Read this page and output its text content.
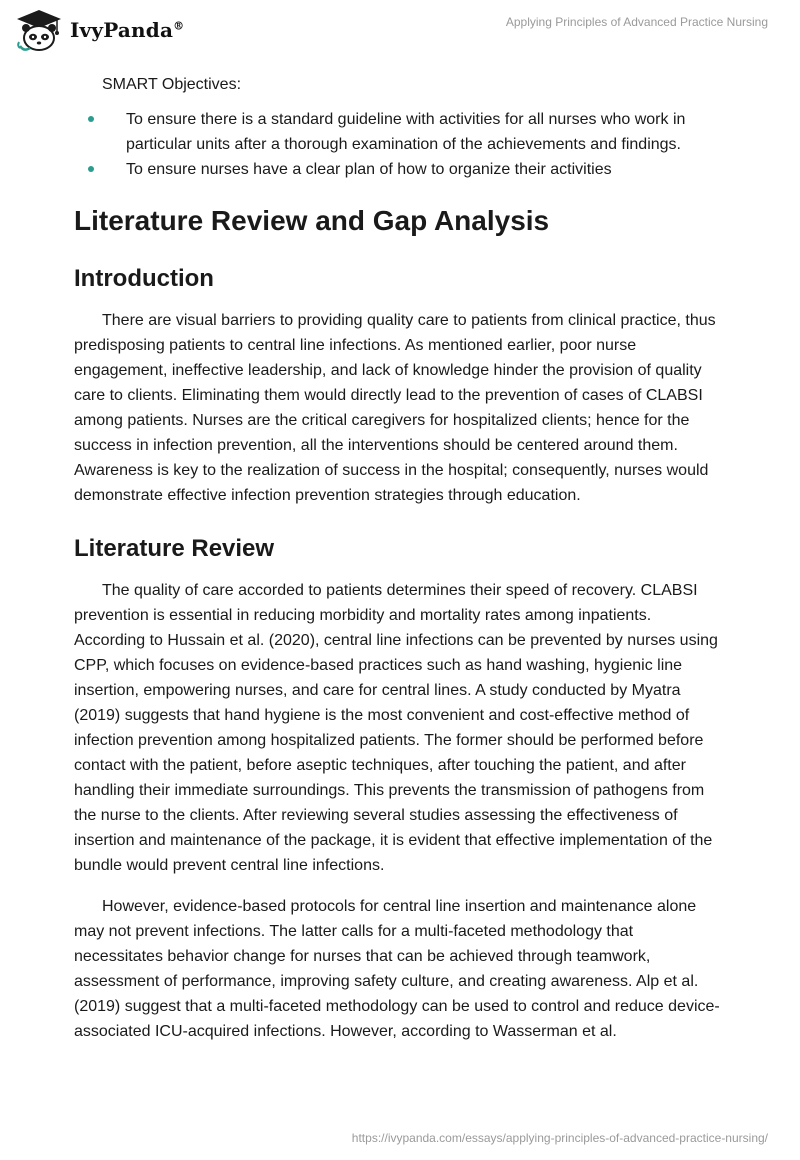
IvyPanda®	Applying Principles of Advanced Practice Nursing
SMART Objectives:
To ensure there is a standard guideline with activities for all nurses who work in particular units after a thorough examination of the achievements and findings.
To ensure nurses have a clear plan of how to organize their activities
Literature Review and Gap Analysis
Introduction

There are visual barriers to providing quality care to patients from clinical practice, thus predisposing patients to central line infections. As mentioned earlier, poor nurse engagement, ineffective leadership, and lack of knowledge hinder the provision of quality care to clients. Eliminating them would directly lead to the prevention of cases of CLABSI among patients. Nurses are the critical caregivers for hospitalized clients; hence for the success in infection prevention, all the interventions should be centered around them. Awareness is key to the realization of success in the hospital; consequently, nurses would demonstrate effective infection prevention strategies through education.

Literature Review

The quality of care accorded to patients determines their speed of recovery. CLABSI prevention is essential in reducing morbidity and mortality rates among inpatients. According to Hussain et al. (2020), central line infections can be prevented by nurses using CPP, which focuses on evidence-based practices such as hand washing, hygienic line insertion, empowering nurses, and care for central lines. A study conducted by Myatra (2019) suggests that hand hygiene is the most convenient and cost-effective method of infection prevention among hospitalized patients. The former should be performed before contact with the patient, before aseptic techniques, after touching the patient, and after handling their immediate surroundings. This prevents the transmission of pathogens from the nurse to the clients. After reviewing several studies assessing the effectiveness of insertion and maintenance of the package, it is evident that effective implementation of the bundle would prevent central line infections.

However, evidence-based protocols for central line insertion and maintenance alone may not prevent infections. The latter calls for a multi-faceted methodology that necessitates behavior change for nurses that can be achieved through teamwork, assessment of performance, improving safety culture, and creating awareness. Alp et al. (2019) suggest that a multi-faceted methodology can be used to control and reduce device-associated ICU-acquired infections. However, according to Wasserman et al.

https://ivypanda.com/essays/applying-principles-of-advanced-practice-nursing/
